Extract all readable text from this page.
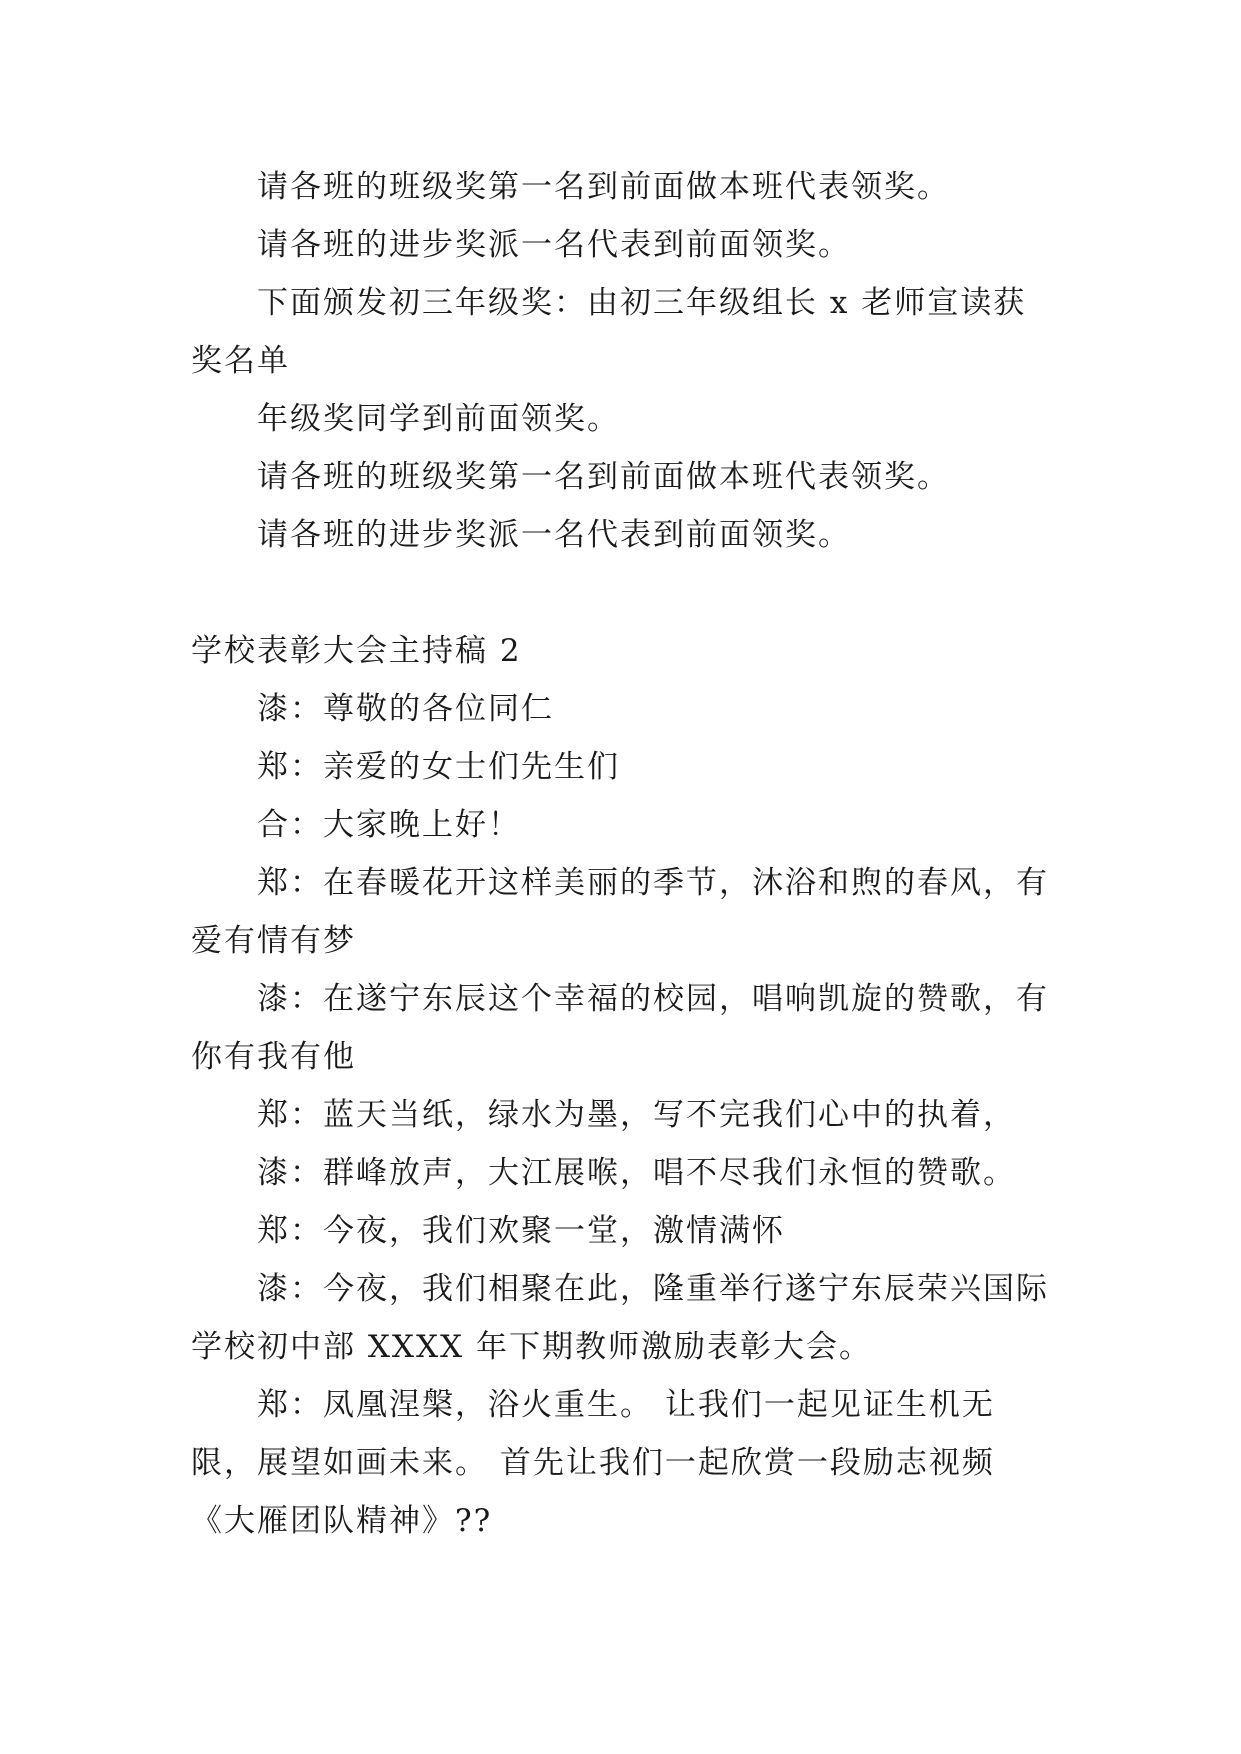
请各班的班级奖第一名到前面做本班代表领奖。

请各班的进步奖派一名代表到前面领奖。

下面颁发初三年级奖：由初三年级组长 x 老师宣读获奖名单

年级奖同学到前面领奖。

请各班的班级奖第一名到前面做本班代表领奖。

请各班的进步奖派一名代表到前面领奖。

学校表彰大会主持稿 2

漆：尊敬的各位同仁

郑：亲爱的女士们先生们

合：大家晚上好！

郑：在春暖花开这样美丽的季节，沐浴和煦的春风，有爱有情有梦

漆：在遂宁东辰这个幸福的校园，唱响凯旋的赞歌，有你有我有他

郑：蓝天当纸，绿水为墨，写不完我们心中的执着，

漆：群峰放声，大江展喉，唱不尽我们永恒的赞歌。

郑：今夜，我们欢聚一堂，激情满怀

漆：今夜，我们相聚在此，隆重举行遂宁东辰荣兴国际学校初中部 XXXX 年下期教师激励表彰大会。

郑：凤凰涅槃，浴火重生。 让我们一起见证生机无限，展望如画未来。 首先让我们一起欣赏一段励志视频《大雁团队精神》??
